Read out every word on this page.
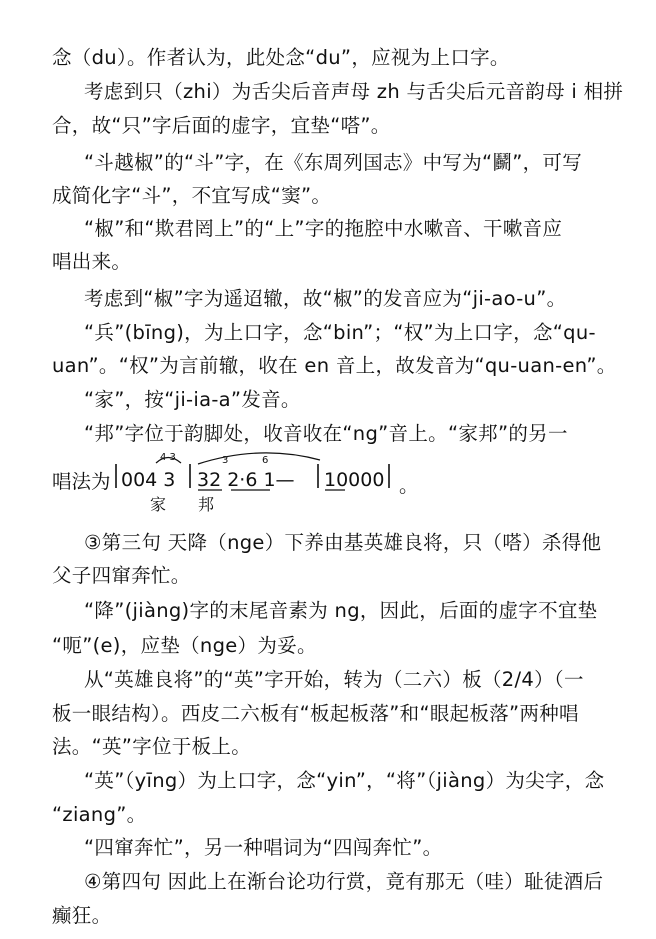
念（du）。作者认为，此处念“du”，应视为上口字。
考虑到只（zhi）为舌尖后音声母 zh 与舌尖后元音韵母 i 相拼
合，故“只”字后面的虚字，宜垫“嗒”。
“斗越椒”的“斗”字，在《东周列国志》中写为“鬬”，可写
成简化字“斗”，不宜写成“窦”。
“椒”和“欺君罔上”的“上”字的拖腔中水嗽音、干嗽音应
唱出来。
考虑到“椒”字为遥迢辙，故“椒”的发音应为“ji-ao-u”。
“兵”(bīng)，为上口字，念“bin”；“权”为上口字，念“qu-
uan”。“权”为言前辙，收在 en 音上，故发音为“qu-uan-en”。
“家”，按“ji-ia-a”发音。
“邦”字位于韵脚处，收音收在“ng”音上。“家邦”的另一
唱法为 004 3
4 3
32 2·6 1—
3	6
10000
家 邦
。
③第三句 天降（nge）下养由基英雄良将，只（嗒）杀得他
父子四窜奔忙。
“降”(jiàng)字的末尾音素为 ng，因此，后面的虚字不宜垫
“呃”(e)，应垫（nge）为妥。
从“英雄良将”的“英”字开始，转为（二六）板（2/4）（一
板一眼结构）。西皮二六板有“板起板落”和“眼起板落”两种唱
法。“英”字位于板上。
“英”（yīng）为上口字，念“yin”，“将”（jiàng）为尖字，念
“ziang”。
“四窜奔忙”，另一种唱词为“四闯奔忙”。
④第四句 因此上在渐台论功行赏，竟有那无（哇）耻徒酒后
癫狂。
